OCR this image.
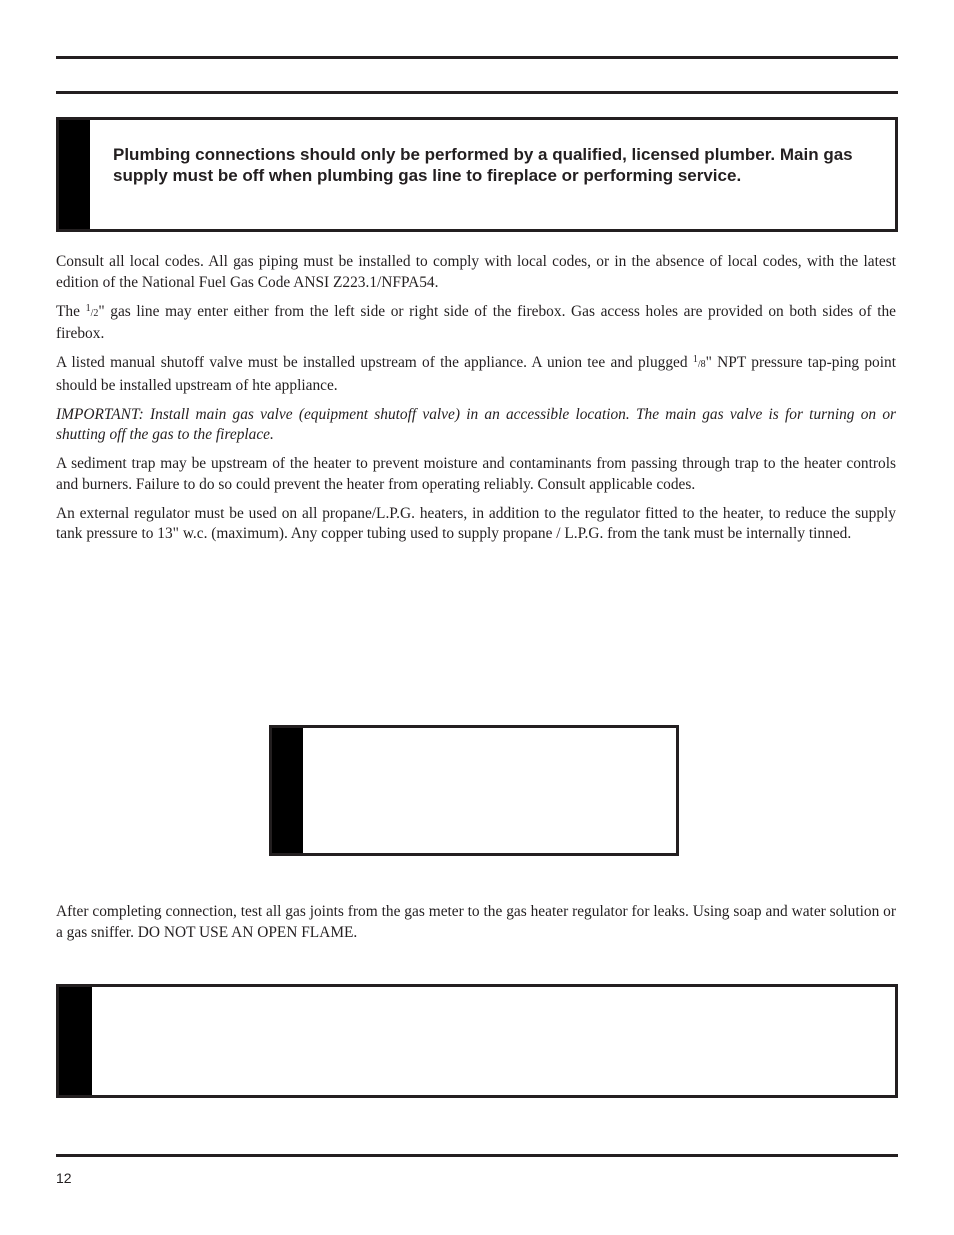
Plumbing connections should only be performed by a qualified, licensed plumber. Main gas supply must be off when plumbing gas line to fireplace or performing service.

Consult all local codes. All gas piping must be installed to comply with local codes, or in the absence of local codes, with the latest edition of the National Fuel Gas Code ANSI Z223.1/NFPA54.

The $^1$/2" gas line may enter either from the left side or right side of the firebox. Gas access holes are provided on both sides of the firebox.

A listed manual shutoff valve must be installed upstream of the appliance. A union tee and plugged $^1$/8" NPT pressure tap-ping point should be installed upstream of hte appliance.

IMPORTANT: Install main gas valve (equipment shutoff valve) in an accessible location. The main gas valve is for turning on or shutting off the gas to the fireplace.

A sediment trap may be upstream of the heater to prevent moisture and contaminants from passing through trap to the heater controls and burners. Failure to do so could prevent the heater from operating reliably. Consult applicable codes.

An external regulator must be used on all propane/L.P.G. heaters, in addition to the regulator fitted to the heater, to reduce the supply tank pressure to 13" w.c. (maximum). Any copper tubing used to supply propane / L.P.G. from the tank must be internally tinned.

After completing connection, test all gas joints from the gas meter to the gas heater regulator for leaks. Using soap and water solution or a gas sniffer. DO NOT USE AN OPEN FLAME.

12
